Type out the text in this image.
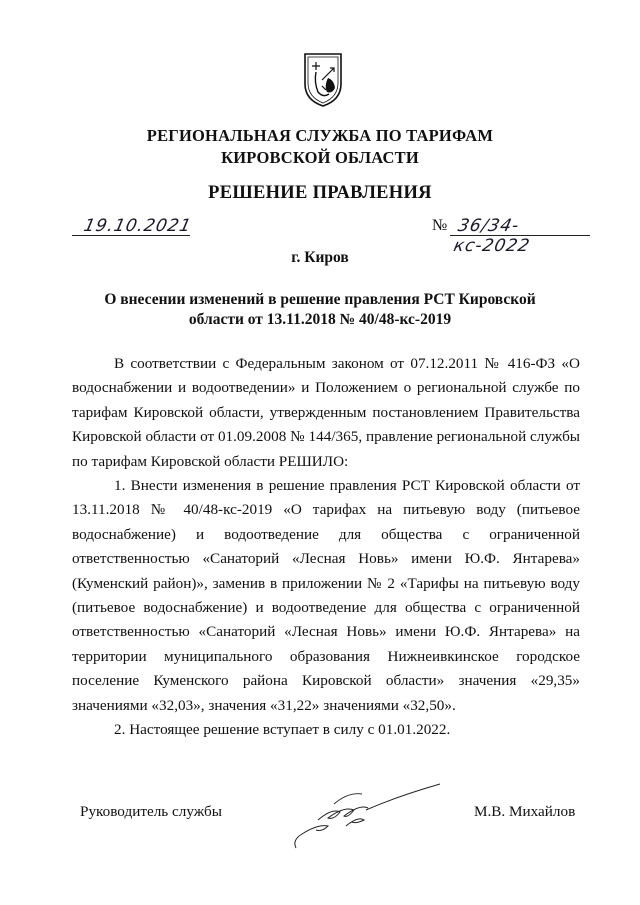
РЕГИОНАЛЬНАЯ СЛУЖБА ПО ТАРИФАМ
КИРОВСКОЙ ОБЛАСТИ
РЕШЕНИЕ ПРАВЛЕНИЯ
19.10.2021	№ 36/34-кс-2022
г. Киров
О внесении изменений в решение правления РСТ Кировской области от 13.11.2018 № 40/48-кс-2019

В соответствии с Федеральным законом от 07.12.2011 № 416-ФЗ «О водоснабжении и водоотведении» и Положением о региональной службе по тарифам Кировской области, утвержденным постановлением Правительства Кировской области от 01.09.2008 № 144/365, правление региональной службы по тарифам Кировской области РЕШИЛО:

1. Внести изменения в решение правления РСТ Кировской области от 13.11.2018 № 40/48-кс-2019 «О тарифах на питьевую воду (питьевое водоснабжение) и водоотведение для общества с ограниченной ответственностью «Санаторий «Лесная Новь» имени Ю.Ф. Янтарева» (Куменский район)», заменив в приложении № 2 «Тарифы на питьевую воду (питьевое водоснабжение) и водоотведение для общества с ограниченной ответственностью «Санаторий «Лесная Новь» имени Ю.Ф. Янтарева» на территории муниципального образования Нижнеивкинское городское поселение Куменского района Кировской области» значения «29,35» значениями «32,03», значения «31,22» значениями «32,50».

2. Настоящее решение вступает в силу с 01.01.2022.

Руководитель службы	М.В. Михайлов
